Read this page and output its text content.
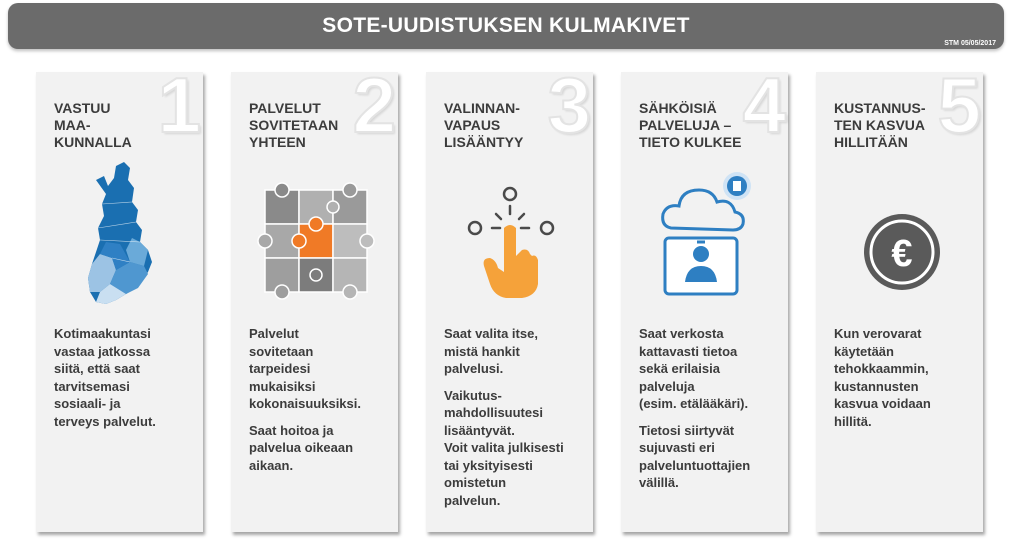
SOTE-UUDISTUKSEN KULMAKIVET
STM 05/05/2017
1
VASTUU
MAA-
KUNNALLA

Kotimaakuntasi
vastaa jatkossa
siitä, että saat
tarvitsemasi
sosiaali- ja
terveys palvelut.

2
PALVELUT
SOVITETAAN
YHTEEN

Palvelut
sovitetaan
tarpeidesi
mukaisiksi
kokonaisuuksiksi.

Saat hoitoa ja
palvelua oikeaan
aikaan.

3
VALINNAN-
VAPAUS
LISÄÄNTYY

Saat valita itse,
mistä hankit
palvelusi.

Vaikutus-
mahdollisuutesi
lisääntyvät.
Voit valita julkisesti
tai yksityisesti
omistetun
palvelun.

4
SÄHKÖISIÄ
PALVELUJA –
TIETO KULKEE

Saat verkosta
kattavasti tietoa
sekä erilaisia
palveluja
(esim. etälääkäri).

Tietosi siirtyvät
sujuvasti eri
palveluntuottajien
välillä.

5
KUSTANNUS-
TEN KASVUA
HILLITÄÄN
€

Kun verovarat
käytetään
tehokkaammin,
kustannusten
kasvua voidaan
hillitä.
